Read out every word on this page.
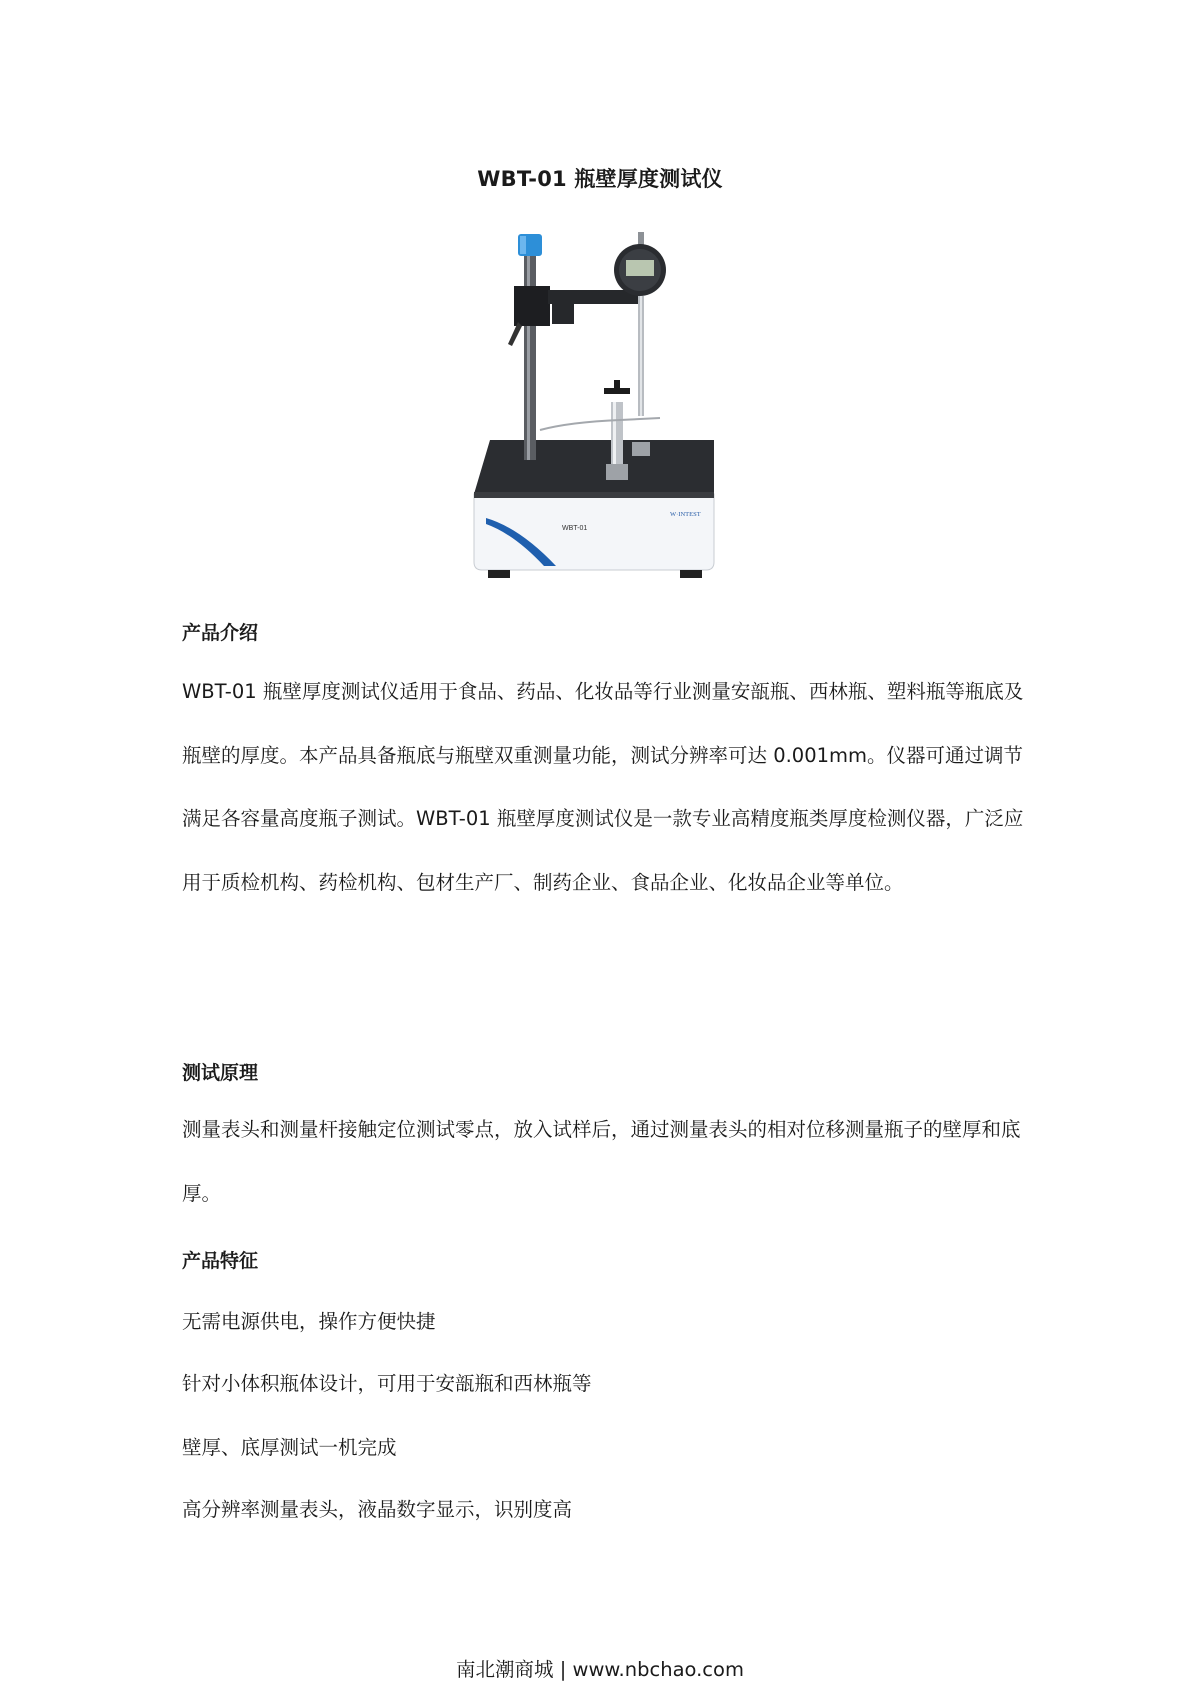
WBT-01 瓶壁厚度测试仪
WBT-01
W·INTEST
产品介绍
WBT-01 瓶壁厚度测试仪适用于食品、药品、化妆品等行业测量安瓿瓶、西林瓶、塑料瓶等瓶底及瓶壁的厚度。本产品具备瓶底与瓶壁双重测量功能，测试分辨率可达 0.001mm。仪器可通过调节满足各容量高度瓶子测试。WBT-01 瓶壁厚度测试仪是一款专业高精度瓶类厚度检测仪器，广泛应用于质检机构、药检机构、包材生产厂、制药企业、食品企业、化妆品企业等单位。
测试原理
测量表头和测量杆接触定位测试零点，放入试样后，通过测量表头的相对位移测量瓶子的壁厚和底厚。
产品特征
无需电源供电，操作方便快捷
针对小体积瓶体设计，可用于安瓿瓶和西林瓶等
壁厚、底厚测试一机完成
高分辨率测量表头，液晶数字显示，识别度高
南北潮商城 | www.nbchao.com
